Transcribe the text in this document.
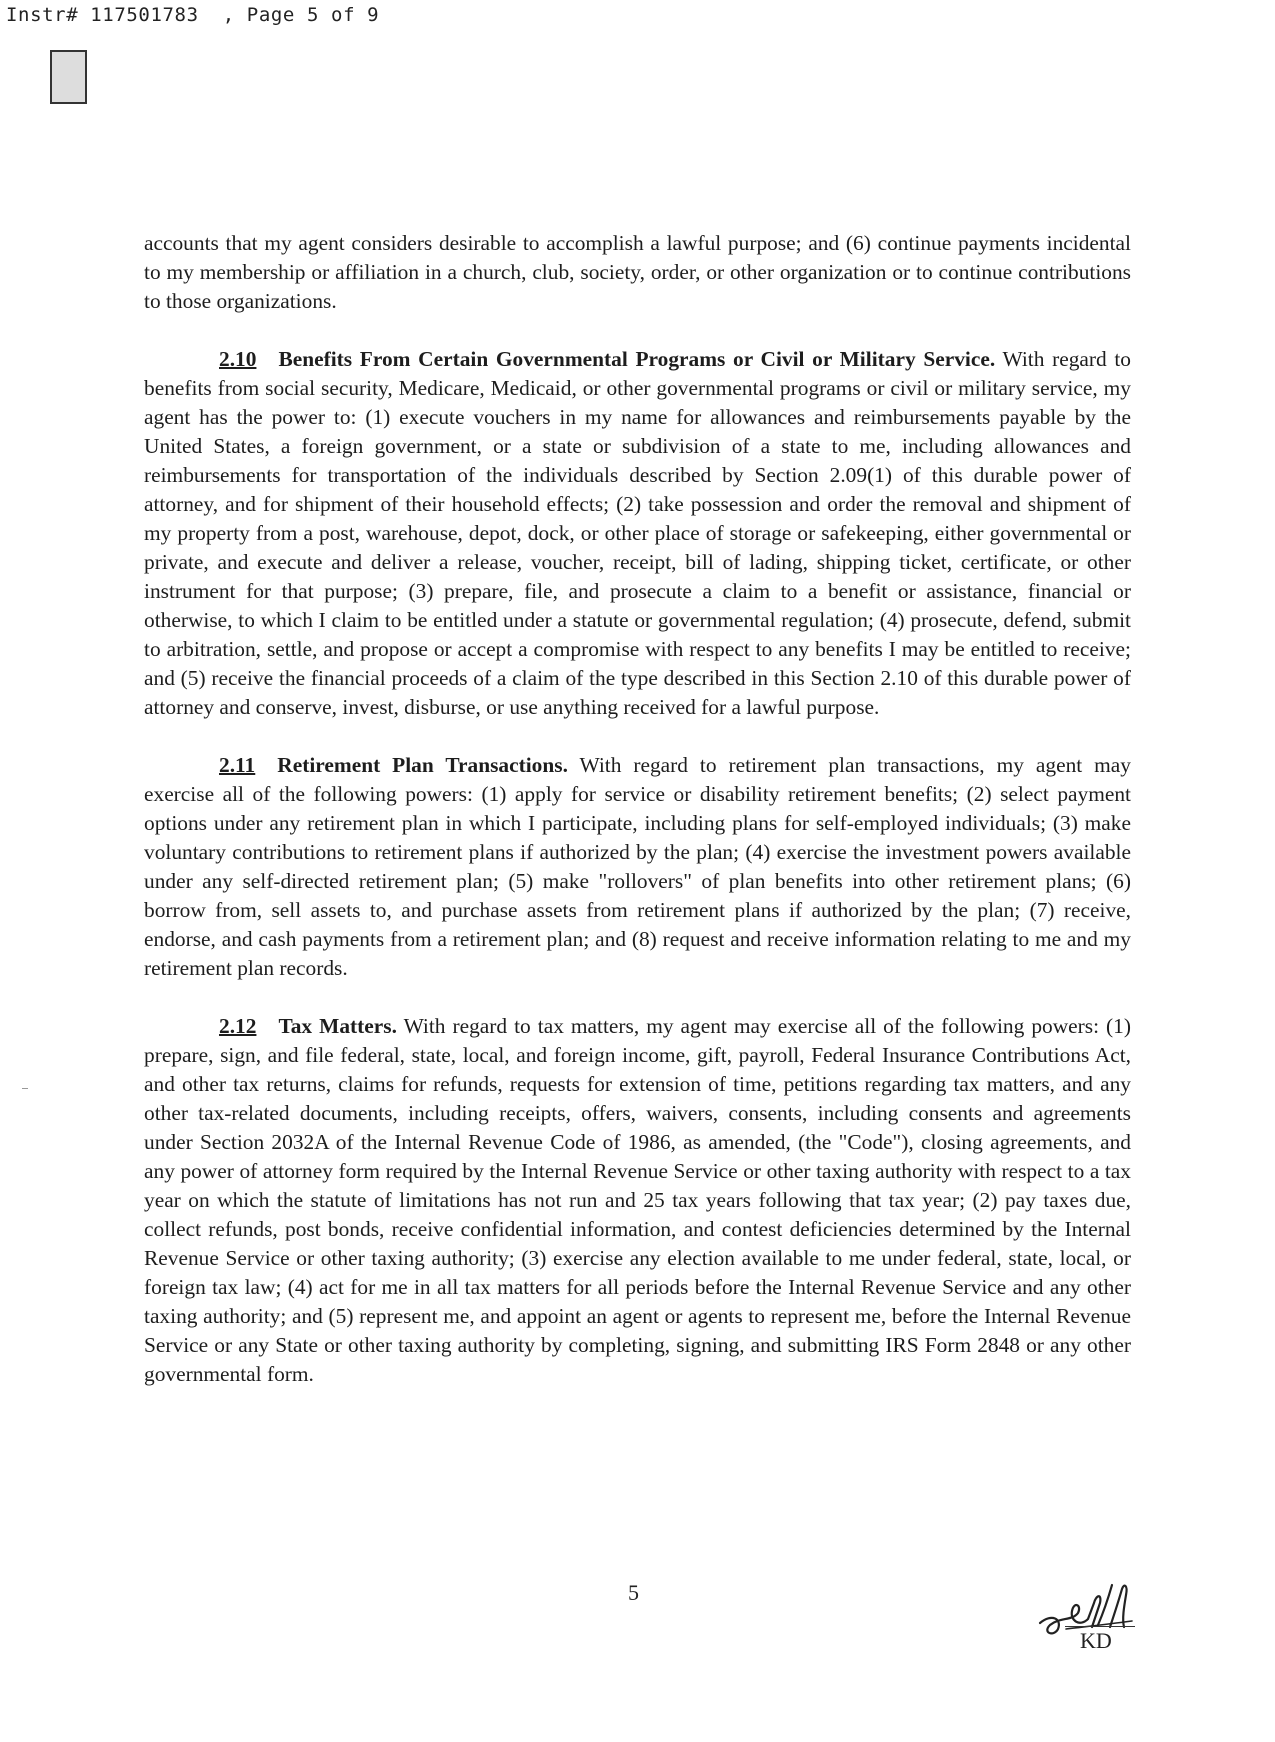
Instr# 117501783  , Page 5 of 9

accounts that my agent considers desirable to accomplish a lawful purpose; and (6) continue payments incidental to my membership or affiliation in a church, club, society, order, or other organization or to continue contributions to those organizations.

2.10 Benefits From Certain Governmental Programs or Civil or Military Service. With regard to benefits from social security, Medicare, Medicaid, or other governmental programs or civil or military service, my agent has the power to: (1) execute vouchers in my name for allowances and reimbursements payable by the United States, a foreign government, or a state or subdivision of a state to me, including allowances and reimbursements for transportation of the individuals described by Section 2.09(1) of this durable power of attorney, and for shipment of their household effects; (2) take possession and order the removal and shipment of my property from a post, warehouse, depot, dock, or other place of storage or safekeeping, either governmental or private, and execute and deliver a release, voucher, receipt, bill of lading, shipping ticket, certificate, or other instrument for that purpose; (3) prepare, file, and prosecute a claim to a benefit or assistance, financial or otherwise, to which I claim to be entitled under a statute or governmental regulation; (4) prosecute, defend, submit to arbitration, settle, and propose or accept a compromise with respect to any benefits I may be entitled to receive; and (5) receive the financial proceeds of a claim of the type described in this Section 2.10 of this durable power of attorney and conserve, invest, disburse, or use anything received for a lawful purpose.

2.11 Retirement Plan Transactions. With regard to retirement plan transactions, my agent may exercise all of the following powers: (1) apply for service or disability retirement benefits; (2) select payment options under any retirement plan in which I participate, including plans for self-employed individuals; (3) make voluntary contributions to retirement plans if authorized by the plan; (4) exercise the investment powers available under any self-directed retirement plan; (5) make "rollovers" of plan benefits into other retirement plans; (6) borrow from, sell assets to, and purchase assets from retirement plans if authorized by the plan; (7) receive, endorse, and cash payments from a retirement plan; and (8) request and receive information relating to me and my retirement plan records.

2.12 Tax Matters. With regard to tax matters, my agent may exercise all of the following powers: (1) prepare, sign, and file federal, state, local, and foreign income, gift, payroll, Federal Insurance Contributions Act, and other tax returns, claims for refunds, requests for extension of time, petitions regarding tax matters, and any other tax-related documents, including receipts, offers, waivers, consents, including consents and agreements under Section 2032A of the Internal Revenue Code of 1986, as amended, (the "Code"), closing agreements, and any power of attorney form required by the Internal Revenue Service or other taxing authority with respect to a tax year on which the statute of limitations has not run and 25 tax years following that tax year; (2) pay taxes due, collect refunds, post bonds, receive confidential information, and contest deficiencies determined by the Internal Revenue Service or other taxing authority; (3) exercise any election available to me under federal, state, local, or foreign tax law; (4) act for me in all tax matters for all periods before the Internal Revenue Service and any other taxing authority; and (5) represent me, and appoint an agent or agents to represent me, before the Internal Revenue Service or any State or other taxing authority by completing, signing, and submitting IRS Form 2848 or any other governmental form.

5
KD
